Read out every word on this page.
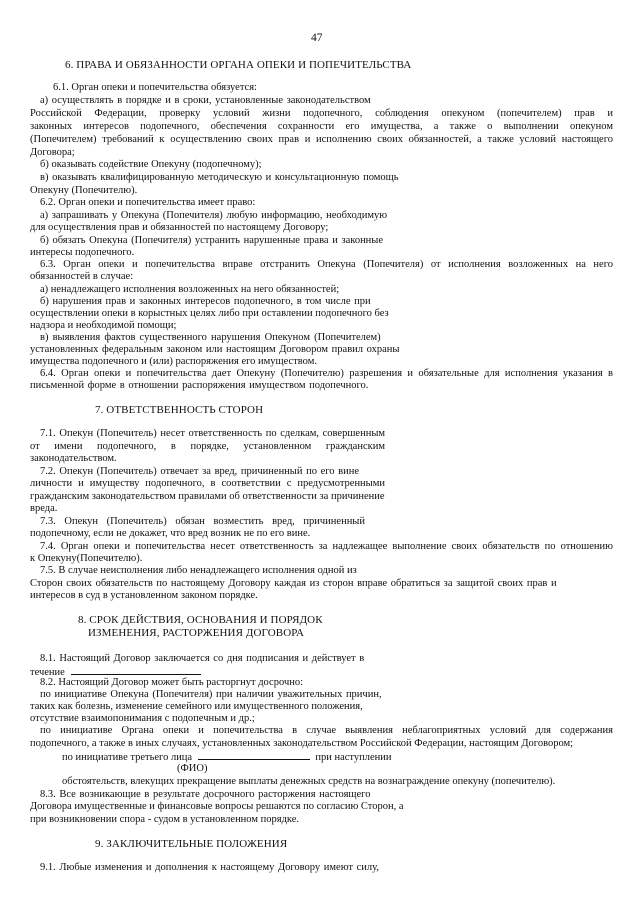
47
6. ПРАВА И ОБЯЗАННОСТИ ОРГАНА ОПЕКИ И ПОПЕЧИТЕЛЬСТВА
6.1. Орган опеки и попечительства обязуется:
а) осуществлять в порядке и в сроки, установленные законодательством
Российской Федерации, проверку условий жизни подопечного, соблюдения опекуном (попечителем) прав и
законных интересов подопечного, обеспечения сохранности его имущества, а также о выполнении опекуном
(Попечителем) требований к осуществлению своих прав и исполнению своих обязанностей, а также условий настоящего
Договора;
б) оказывать содействие Опекуну (подопечному);
в) оказывать квалифицированную методическую и консультационную помощь
Опекуну (Попечителю).
6.2. Орган опеки и попечительства имеет право:
а) запрашивать у Опекуна (Попечителя) любую информацию, необходимую
для осуществления прав и обязанностей по настоящему Договору;
б) обязать Опекуна (Попечителя) устранить нарушенные права и законные
интересы подопечного.
6.3. Орган опеки и попечительства вправе отстранить Опекуна (Попечителя) от исполнения возложенных на него
обязанностей в случае:
а) ненадлежащего исполнения возложенных на него обязанностей;
б) нарушения прав и законных интересов подопечного, в том числе при
осуществлении опеки в корыстных целях либо при оставлении подопечного без
надзора и необходимой помощи;
в) выявления фактов существенного нарушения Опекуном (Попечителем)
установленных федеральным законом или настоящим Договором правил охраны
имущества подопечного и (или) распоряжения его имуществом.
6.4. Орган опеки и попечительства дает Опекуну (Попечителю) разрешения и обязательные для исполнения указания в
письменной форме в отношении распоряжения имуществом подопечного.
7. ОТВЕТСТВЕННОСТЬ СТОРОН
7.1. Опекун (Попечитель) несет ответственность по сделкам, совершенным
от имени подопечного, в порядке, установленном гражданским
законодательством.
7.2. Опекун (Попечитель) отвечает за вред, причиненный по его вине
личности и имуществу подопечного, в соответствии с предусмотренными
гражданским законодательством правилами об ответственности за причинение
вреда.
7.3. Опекун (Попечитель) обязан возместить вред, причиненный
подопечному, если не докажет, что вред возник не по его вине.
7.4. Орган опеки и попечительства несет ответственность за надлежащее выполнение своих обязательств по отношению
к Опекуну(Попечителю).
7.5. В случае неисполнения либо ненадлежащего исполнения одной из
Сторон своих обязательств по настоящему Договору каждая из сторон вправе обратиться за защитой своих прав и
интересов в суд в установленном законом порядке.
8. СРОК ДЕЙСТВИЯ, ОСНОВАНИЯ И ПОРЯДОК
ИЗМЕНЕНИЯ, РАСТОРЖЕНИЯ ДОГОВОРА
8.1. Настоящий Договор заключается со дня подписания и действует в
течение
8.2. Настоящий Договор может быть расторгнут досрочно:
по инициативе Опекуна (Попечителя) при наличии уважительных причин,
таких как болезнь, изменение семейного или имущественного положения,
отсутствие взаимопонимания с подопечным и др.;
по инициативе Органа опеки и попечительства в случае выявления неблагоприятных условий для содержания
подопечного, а также в иных случаях, установленных законодательством Российской Федерации, настоящим Договором;
по инициативе третьего лица	при наступлении
(ФИО)
обстоятельств, влекущих прекращение выплаты денежных средств на вознаграждение опекуну (попечителю).
8.3. Все возникающие в результате досрочного расторжения настоящего
Договора имущественные и финансовые вопросы решаются по согласию Сторон, а
при возникновении спора - судом в установленном порядке.
9. ЗАКЛЮЧИТЕЛЬНЫЕ ПОЛОЖЕНИЯ
9.1. Любые изменения и дополнения к настоящему Договору имеют силу,
